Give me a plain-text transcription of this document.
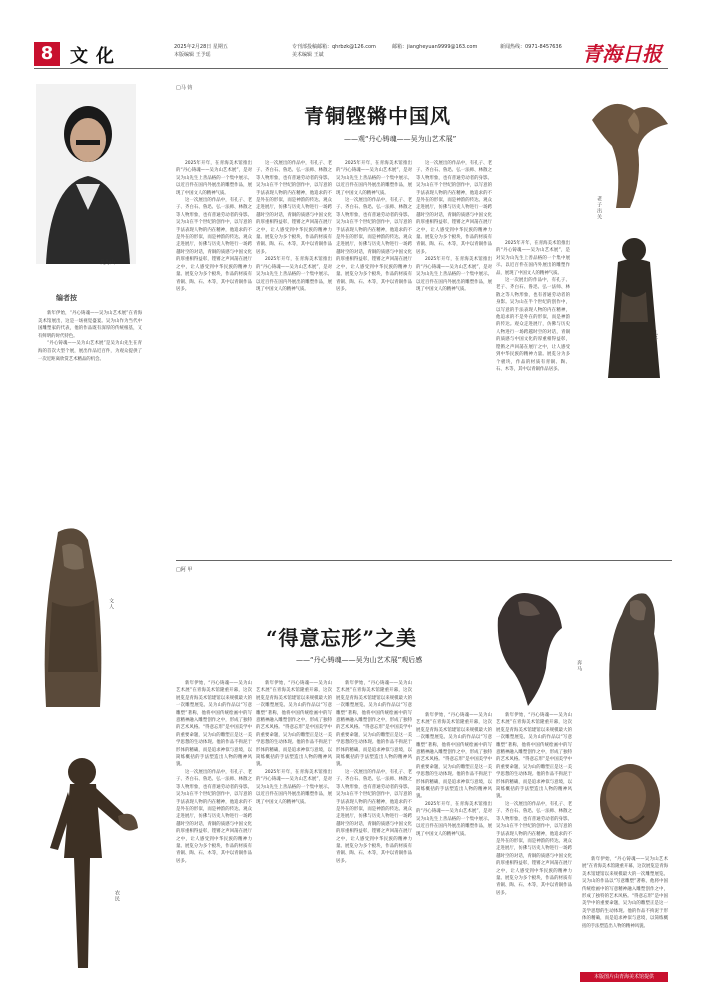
8 文化	2025年2月28日 星期五
本版编辑 王予瑶
专刊部投稿邮箱：qhrbzk@126.com
美术编辑 王斌
邮箱：jiangheyuan9999@163.com	新闻热线：0971-8457636 青海日报
吴为山
编者按

新年伊始，“丹心铸魂——吴为山艺术展”在青海美术馆展出，这是一场视觉盛宴。吴为山作为当代中国雕塑家的代表，他的作品既有深厚的传统根基，又有鲜明的时代特色。

“丹心铸魂——吴为山艺术展”是吴为山先生在青海的首次大型个展，展出作品近百件，为观众提供了一次近距离欣赏艺术精品的机会。

文人
农民
□马 钧
青铜铿锵中国风
——观“丹心铸魂——吴为山艺术展”

2025年开年，在青海美术馆推出的“丹心铸魂——吴为山艺术展”，是对吴为山先生上善品格的一个集中展示。以近百件在国内外展出的雕塑作品，展现了中国文人的精神气质。

这一次展出的作品中，有孔子、老子、齐白石、鲁迅、弘一法师、林散之等人物形象，也有普通劳动者的身影。吴为山在半个世纪的创作中，以写意的手法表现人物的内在精神，他追求的不是外在的形似，而是神韵的传达。观众走进展厅，仿佛与历史人物进行一场跨越时空的对话，青铜的质感与中国文化的厚重相得益彰，铿锵之声回荡在展厅之中，让人感受到中华民族的精神力量。展览分为多个板块，作品的材质有青铜、陶、石、木等，其中以青铜作品居多。

这一次展出的作品中，有孔子、老子、齐白石、鲁迅、弘一法师、林散之等人物形象，也有普通劳动者的身影。吴为山在半个世纪的创作中，以写意的手法表现人物的内在精神，他追求的不是外在的形似，而是神韵的传达。观众走进展厅，仿佛与历史人物进行一场跨越时空的对话，青铜的质感与中国文化的厚重相得益彰，铿锵之声回荡在展厅之中，让人感受到中华民族的精神力量。展览分为多个板块，作品的材质有青铜、陶、石、木等，其中以青铜作品居多。

2025年开年，在青海美术馆推出的“丹心铸魂——吴为山艺术展”，是对吴为山先生上善品格的一个集中展示。以近百件在国内外展出的雕塑作品，展现了中国文人的精神气质。

2025年开年，在青海美术馆推出的“丹心铸魂——吴为山艺术展”，是对吴为山先生上善品格的一个集中展示。以近百件在国内外展出的雕塑作品，展现了中国文人的精神气质。

这一次展出的作品中，有孔子、老子、齐白石、鲁迅、弘一法师、林散之等人物形象，也有普通劳动者的身影。吴为山在半个世纪的创作中，以写意的手法表现人物的内在精神，他追求的不是外在的形似，而是神韵的传达。观众走进展厅，仿佛与历史人物进行一场跨越时空的对话，青铜的质感与中国文化的厚重相得益彰，铿锵之声回荡在展厅之中，让人感受到中华民族的精神力量。展览分为多个板块，作品的材质有青铜、陶、石、木等，其中以青铜作品居多。

这一次展出的作品中，有孔子、老子、齐白石、鲁迅、弘一法师、林散之等人物形象，也有普通劳动者的身影。吴为山在半个世纪的创作中，以写意的手法表现人物的内在精神，他追求的不是外在的形似，而是神韵的传达。观众走进展厅，仿佛与历史人物进行一场跨越时空的对话，青铜的质感与中国文化的厚重相得益彰，铿锵之声回荡在展厅之中，让人感受到中华民族的精神力量。展览分为多个板块，作品的材质有青铜、陶、石、木等，其中以青铜作品居多。

2025年开年，在青海美术馆推出的“丹心铸魂——吴为山艺术展”，是对吴为山先生上善品格的一个集中展示。以近百件在国内外展出的雕塑作品，展现了中国文人的精神气质。

2025年开年，在青海美术馆推出的“丹心铸魂——吴为山艺术展”，是对吴为山先生上善品格的一个集中展示。以近百件在国内外展出的雕塑作品，展现了中国文人的精神气质。

这一次展出的作品中，有孔子、老子、齐白石、鲁迅、弘一法师、林散之等人物形象，也有普通劳动者的身影。吴为山在半个世纪的创作中，以写意的手法表现人物的内在精神，他追求的不是外在的形似，而是神韵的传达。观众走进展厅，仿佛与历史人物进行一场跨越时空的对话，青铜的质感与中国文化的厚重相得益彰，铿锵之声回荡在展厅之中，让人感受到中华民族的精神力量。展览分为多个板块，作品的材质有青铜、陶、石、木等，其中以青铜作品居多。

老子出关
孔子
□阿 甲
“得意忘形”之美
——“丹心铸魂——吴为山艺术展”观后感	奔马

新年伊始，“丹心铸魂——吴为山艺术展”在青海美术馆隆重开幕，这次展览是青海美术馆建馆以来规模最大的一次雕塑展览。吴为山的作品以“写意雕塑”著称，他将中国传统绘画中的写意精神融入雕塑创作之中，形成了独特的艺术风格。“得意忘形”是中国美学中的重要命题，吴为山的雕塑正是这一美学思想的生动体现。他的作品不拘泥于形体的精确，而是追求神似与意境，以简练概括的手法塑造出人物的精神风貌。

这一次展出的作品中，有孔子、老子、齐白石、鲁迅、弘一法师、林散之等人物形象，也有普通劳动者的身影。吴为山在半个世纪的创作中，以写意的手法表现人物的内在精神，他追求的不是外在的形似，而是神韵的传达。观众走进展厅，仿佛与历史人物进行一场跨越时空的对话，青铜的质感与中国文化的厚重相得益彰，铿锵之声回荡在展厅之中，让人感受到中华民族的精神力量。展览分为多个板块，作品的材质有青铜、陶、石、木等，其中以青铜作品居多。

新年伊始，“丹心铸魂——吴为山艺术展”在青海美术馆隆重开幕，这次展览是青海美术馆建馆以来规模最大的一次雕塑展览。吴为山的作品以“写意雕塑”著称，他将中国传统绘画中的写意精神融入雕塑创作之中，形成了独特的艺术风格。“得意忘形”是中国美学中的重要命题，吴为山的雕塑正是这一美学思想的生动体现。他的作品不拘泥于形体的精确，而是追求神似与意境，以简练概括的手法塑造出人物的精神风貌。

2025年开年，在青海美术馆推出的“丹心铸魂——吴为山艺术展”，是对吴为山先生上善品格的一个集中展示。以近百件在国内外展出的雕塑作品，展现了中国文人的精神气质。

新年伊始，“丹心铸魂——吴为山艺术展”在青海美术馆隆重开幕，这次展览是青海美术馆建馆以来规模最大的一次雕塑展览。吴为山的作品以“写意雕塑”著称，他将中国传统绘画中的写意精神融入雕塑创作之中，形成了独特的艺术风格。“得意忘形”是中国美学中的重要命题，吴为山的雕塑正是这一美学思想的生动体现。他的作品不拘泥于形体的精确，而是追求神似与意境，以简练概括的手法塑造出人物的精神风貌。

这一次展出的作品中，有孔子、老子、齐白石、鲁迅、弘一法师、林散之等人物形象，也有普通劳动者的身影。吴为山在半个世纪的创作中，以写意的手法表现人物的内在精神，他追求的不是外在的形似，而是神韵的传达。观众走进展厅，仿佛与历史人物进行一场跨越时空的对话，青铜的质感与中国文化的厚重相得益彰，铿锵之声回荡在展厅之中，让人感受到中华民族的精神力量。展览分为多个板块，作品的材质有青铜、陶、石、木等，其中以青铜作品居多。

新年伊始，“丹心铸魂——吴为山艺术展”在青海美术馆隆重开幕，这次展览是青海美术馆建馆以来规模最大的一次雕塑展览。吴为山的作品以“写意雕塑”著称，他将中国传统绘画中的写意精神融入雕塑创作之中，形成了独特的艺术风格。“得意忘形”是中国美学中的重要命题，吴为山的雕塑正是这一美学思想的生动体现。他的作品不拘泥于形体的精确，而是追求神似与意境，以简练概括的手法塑造出人物的精神风貌。

2025年开年，在青海美术馆推出的“丹心铸魂——吴为山艺术展”，是对吴为山先生上善品格的一个集中展示。以近百件在国内外展出的雕塑作品，展现了中国文人的精神气质。

新年伊始，“丹心铸魂——吴为山艺术展”在青海美术馆隆重开幕，这次展览是青海美术馆建馆以来规模最大的一次雕塑展览。吴为山的作品以“写意雕塑”著称，他将中国传统绘画中的写意精神融入雕塑创作之中，形成了独特的艺术风格。“得意忘形”是中国美学中的重要命题，吴为山的雕塑正是这一美学思想的生动体现。他的作品不拘泥于形体的精确，而是追求神似与意境，以简练概括的手法塑造出人物的精神风貌。

这一次展出的作品中，有孔子、老子、齐白石、鲁迅、弘一法师、林散之等人物形象，也有普通劳动者的身影。吴为山在半个世纪的创作中，以写意的手法表现人物的内在精神，他追求的不是外在的形似，而是神韵的传达。观众走进展厅，仿佛与历史人物进行一场跨越时空的对话，青铜的质感与中国文化的厚重相得益彰，铿锵之声回荡在展厅之中，让人感受到中华民族的精神力量。展览分为多个板块，作品的材质有青铜、陶、石、木等，其中以青铜作品居多。

新年伊始，“丹心铸魂——吴为山艺术展”在青海美术馆隆重开幕，这次展览是青海美术馆建馆以来规模最大的一次雕塑展览。吴为山的作品以“写意雕塑”著称，他将中国传统绘画中的写意精神融入雕塑创作之中，形成了独特的艺术风格。“得意忘形”是中国美学中的重要命题，吴为山的雕塑正是这一美学思想的生动体现。他的作品不拘泥于形体的精确，而是追求神似与意境，以简练概括的手法塑造出人物的精神风貌。

本版图片由青海美术馆提供
